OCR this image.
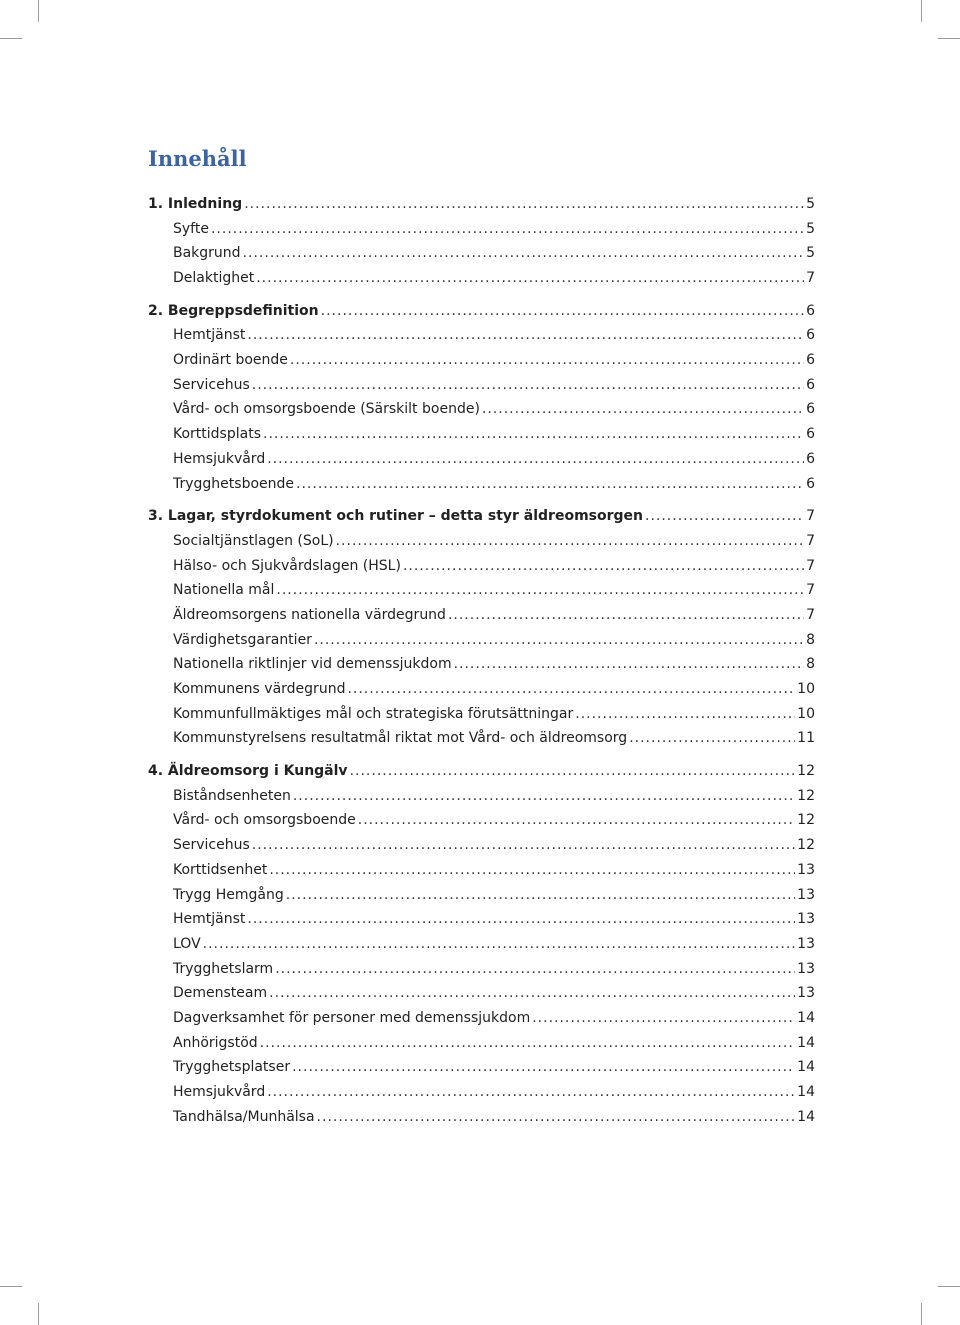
Innehåll
1. Inledning .....	5
Syfte .....	5
Bakgrund .....	5
Delaktighet .....	7
2. Begreppsdefinition .....	6
Hemtjänst .....	6
Ordinärt boende .....	6
Servicehus .....	6
Vård- och omsorgsboende (Särskilt boende) .....	6
Korttidsplats .....	6
Hemsjukvård .....	6
Trygghetsboende .....	6
3. Lagar, styrdokument och rutiner – detta styr äldreomsorgen .....	7
Socialtjänstlagen (SoL) .....	7
Hälso- och Sjukvårdslagen (HSL) .....	7
Nationella mål .....	7
Äldreomsorgens nationella värdegrund .....	7
Värdighetsgarantier .....	8
Nationella riktlinjer vid demenssjukdom .....	8
Kommunens värdegrund .....	10
Kommunfullmäktiges mål och strategiska förutsättningar .....	10
Kommunstyrelsens resultatmål riktat mot Vård- och äldreomsorg .....	11
4. Äldreomsorg i Kungälv .....	12
Biståndsenheten .....	12
Vård- och omsorgsboende .....	12
Servicehus .....	12
Korttidsenhet .....	13
Trygg Hemgång .....	13
Hemtjänst .....	13
LOV .....	13
Trygghetslarm .....	13
Demensteam .....	13
Dagverksamhet för personer med demenssjukdom .....	14
Anhörigstöd .....	14
Trygghetsplatser .....	14
Hemsjukvård .....	14
Tandhälsa/Munhälsa .....	14
